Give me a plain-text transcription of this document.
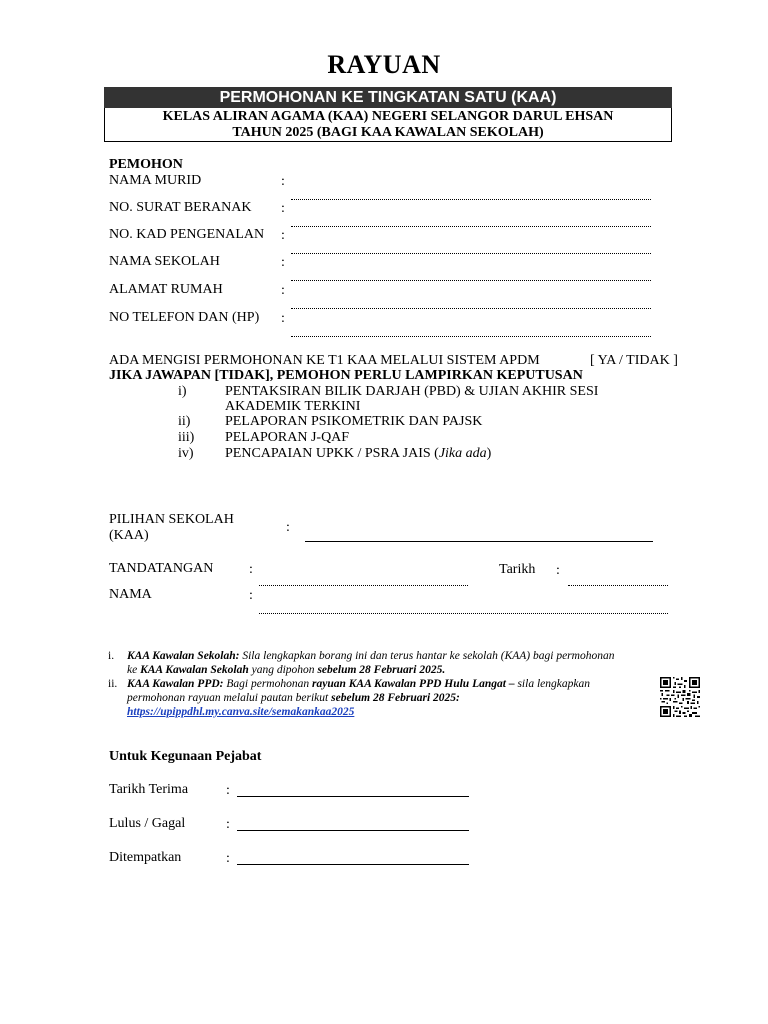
RAYUAN
PERMOHONAN KE TINGKATAN SATU (KAA)
KELAS ALIRAN AGAMA (KAA) NEGERI SELANGOR DARUL EHSAN
TAHUN 2025 (BAGI KAA KAWALAN SEKOLAH)
PEMOHON
NAMA MURID	:
NO. SURAT BERANAK :
NO. KAD PENGENALAN :
NAMA SEKOLAH	:
ALAMAT RUMAH	:
NO TELEFON DAN (HP) :
ADA MENGISI PERMOHONAN KE T1 KAA MELALUI SISTEM APDM	[ YA / TIDAK ]
JIKA JAWAPAN [TIDAK], PEMOHON PERLU LAMPIRKAN KEPUTUSAN
i)	PENTAKSIRAN BILIK DARJAH (PBD) & UJIAN AKHIR SESI
AKADEMIK TERKINI
ii) PELAPORAN PSIKOMETRIK DAN PAJSK
iii) PELAPORAN J-QAF
iv) PENCAPAIAN UPKK / PSRA JAIS (Jika ada)
PILIHAN SEKOLAH
(KAA)
:
TANDATANGAN	:	Tarikh :
NAMA	:
i. KAA Kawalan Sekolah: Sila lengkapkan borang ini dan terus hantar ke sekolah (KAA) bagi permohonan
ke KAA Kawalan Sekolah yang dipohon sebelum 28 Februari 2025.
ii. KAA Kawalan PPD: Bagi permohonan rayuan KAA Kawalan PPD Hulu Langat – sila lengkapkan
permohonan rayuan melalui pautan berikut sebelum 28 Februari 2025:
https://upippdhl.my.canva.site/semakankaa2025
Untuk Kegunaan Pejabat
Tarikh Terima	:
Lulus / Gagal	:
Ditempatkan	:
